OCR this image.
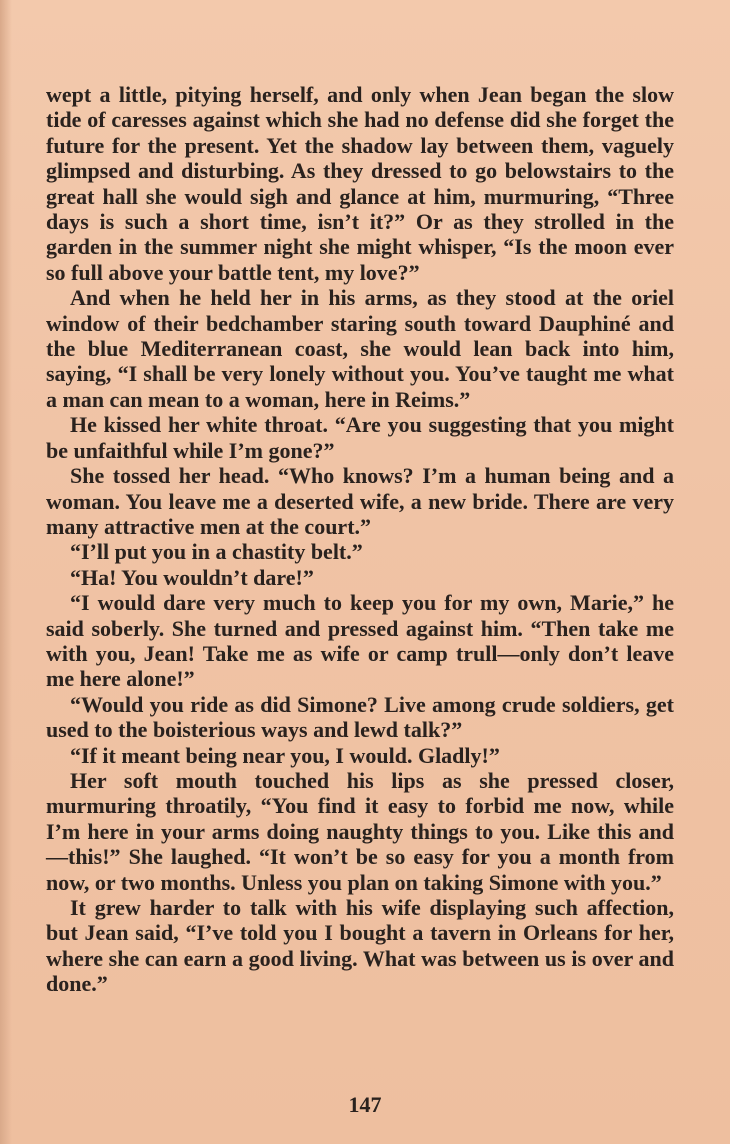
wept a little, pitying herself, and only when Jean began the slow tide of caresses against which she had no defense did she forget the future for the present. Yet the shadow lay between them, vaguely glimpsed and disturbing. As they dressed to go belowstairs to the great hall she would sigh and glance at him, murmuring, “Three days is such a short time, isn’t it?” Or as they strolled in the garden in the summer night she might whisper, “Is the moon ever so full above your battle tent, my love?”

And when he held her in his arms, as they stood at the oriel window of their bedchamber staring south toward Dauphiné and the blue Mediterranean coast, she would lean back into him, saying, “I shall be very lonely without you. You’ve taught me what a man can mean to a woman, here in Reims.”

He kissed her white throat. “Are you suggesting that you might be unfaithful while I’m gone?”

She tossed her head. “Who knows? I’m a human being and a woman. You leave me a deserted wife, a new bride. There are very many attractive men at the court.”

“I’ll put you in a chastity belt.”

“Ha! You wouldn’t dare!”

“I would dare very much to keep you for my own, Marie,” he said soberly. She turned and pressed against him. “Then take me with you, Jean! Take me as wife or camp trull—only don’t leave me here alone!”

“Would you ride as did Simone? Live among crude soldiers, get used to the boisterious ways and lewd talk?”

“If it meant being near you, I would. Gladly!”

Her soft mouth touched his lips as she pressed closer, murmuring throatily, “You find it easy to forbid me now, while I’m here in your arms doing naughty things to you. Like this and—this!” She laughed. “It won’t be so easy for you a month from now, or two months. Unless you plan on taking Simone with you.”

It grew harder to talk with his wife displaying such affection, but Jean said, “I’ve told you I bought a tavern in Orleans for her, where she can earn a good living. What was between us is over and done.”

147
